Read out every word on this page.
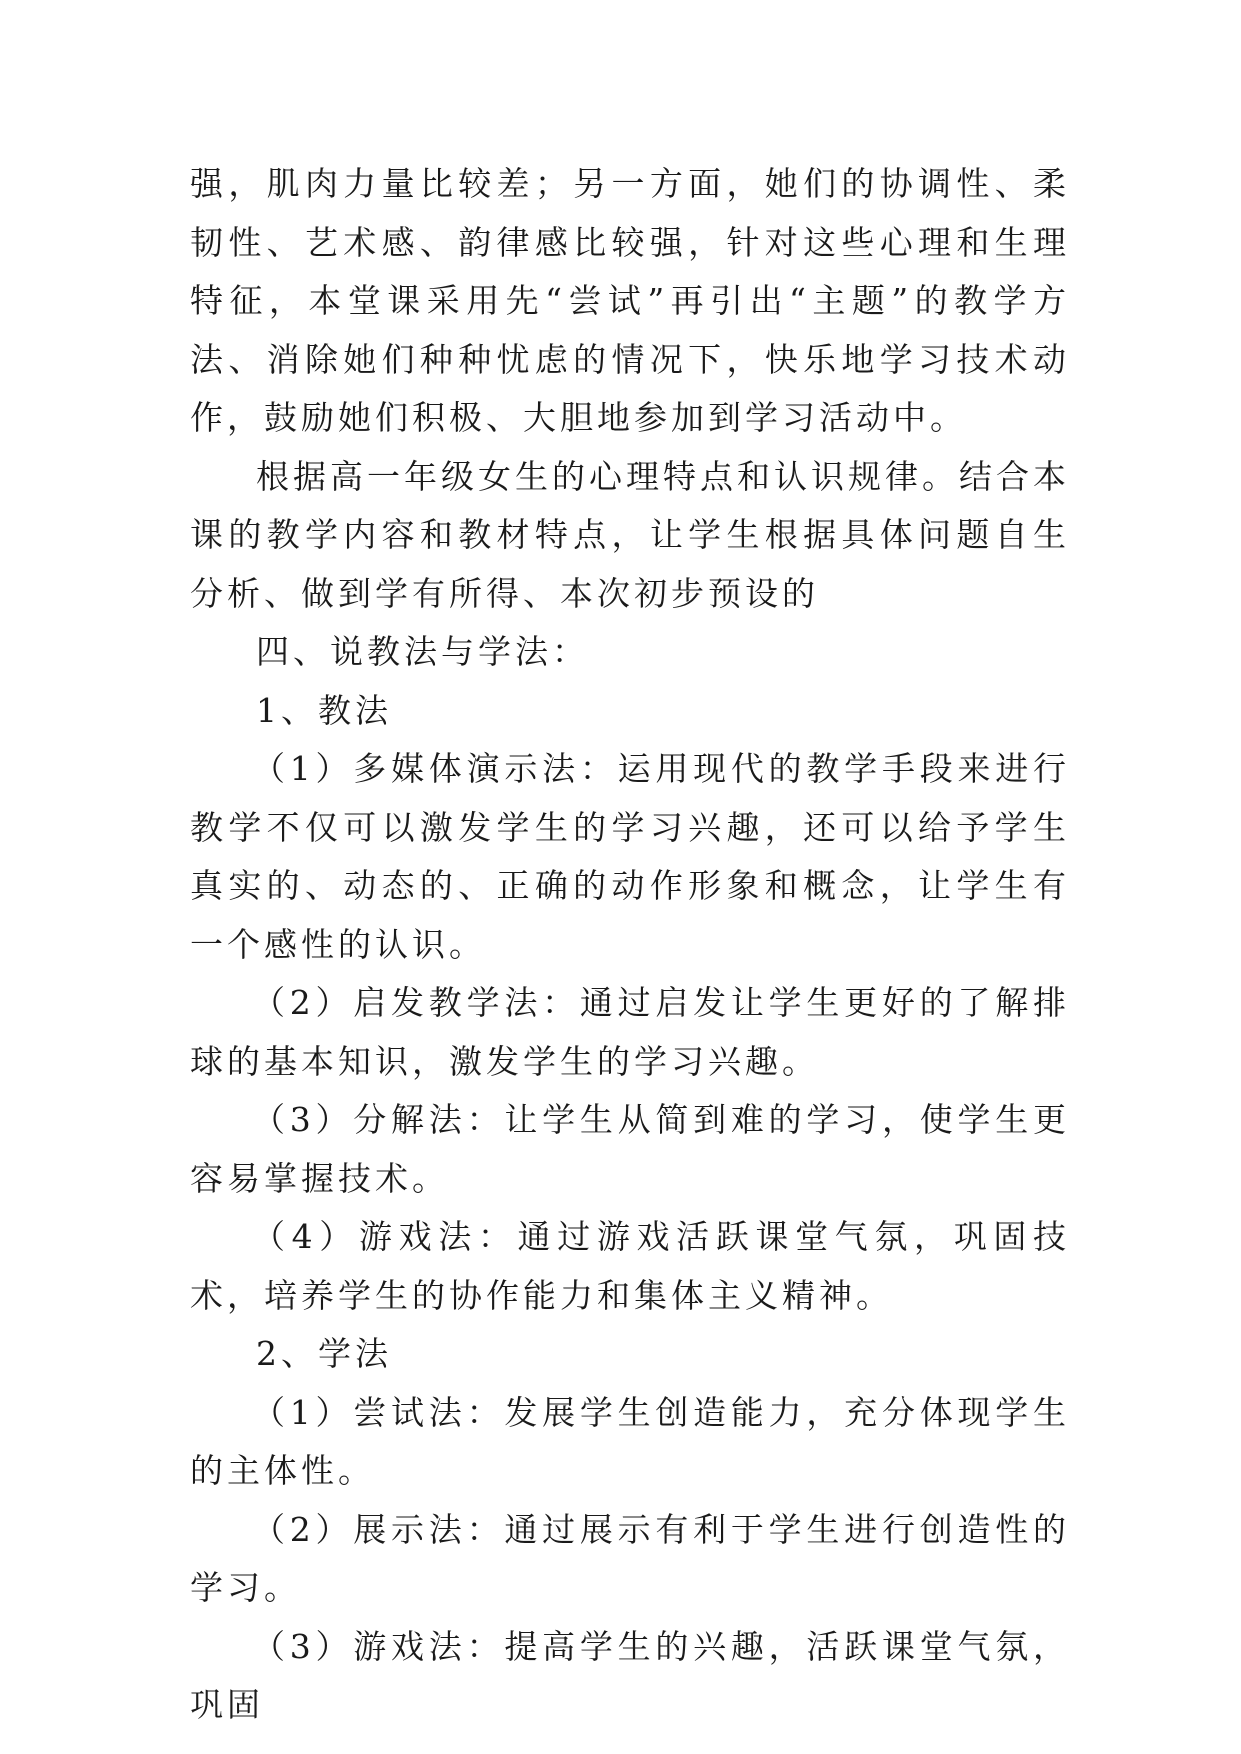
强，肌肉力量比较差；另一方面，她们的协调性、柔韧性、艺术感、韵律感比较强，针对这些心理和生理特征，本堂课采用先“尝试”再引出“主题”的教学方法、消除她们种种忧虑的情况下，快乐地学习技术动作，鼓励她们积极、大胆地参加到学习活动中。

根据高一年级女生的心理特点和认识规律。结合本课的教学内容和教材特点，让学生根据具体问题自生分析、做到学有所得、本次初步预设的

四、说教法与学法：

1、教法

（1）多媒体演示法：运用现代的教学手段来进行教学不仅可以激发学生的学习兴趣，还可以给予学生真实的、动态的、正确的动作形象和概念，让学生有一个感性的认识。

（2）启发教学法：通过启发让学生更好的了解排球的基本知识，激发学生的学习兴趣。

（3）分解法：让学生从简到难的学习，使学生更容易掌握技术。

（4）游戏法：通过游戏活跃课堂气氛，巩固技术，培养学生的协作能力和集体主义精神。

2、学法

（1）尝试法：发展学生创造能力，充分体现学生的主体性。

（2）展示法：通过展示有利于学生进行创造性的学习。

（3）游戏法：提高学生的兴趣，活跃课堂气氛，巩固
